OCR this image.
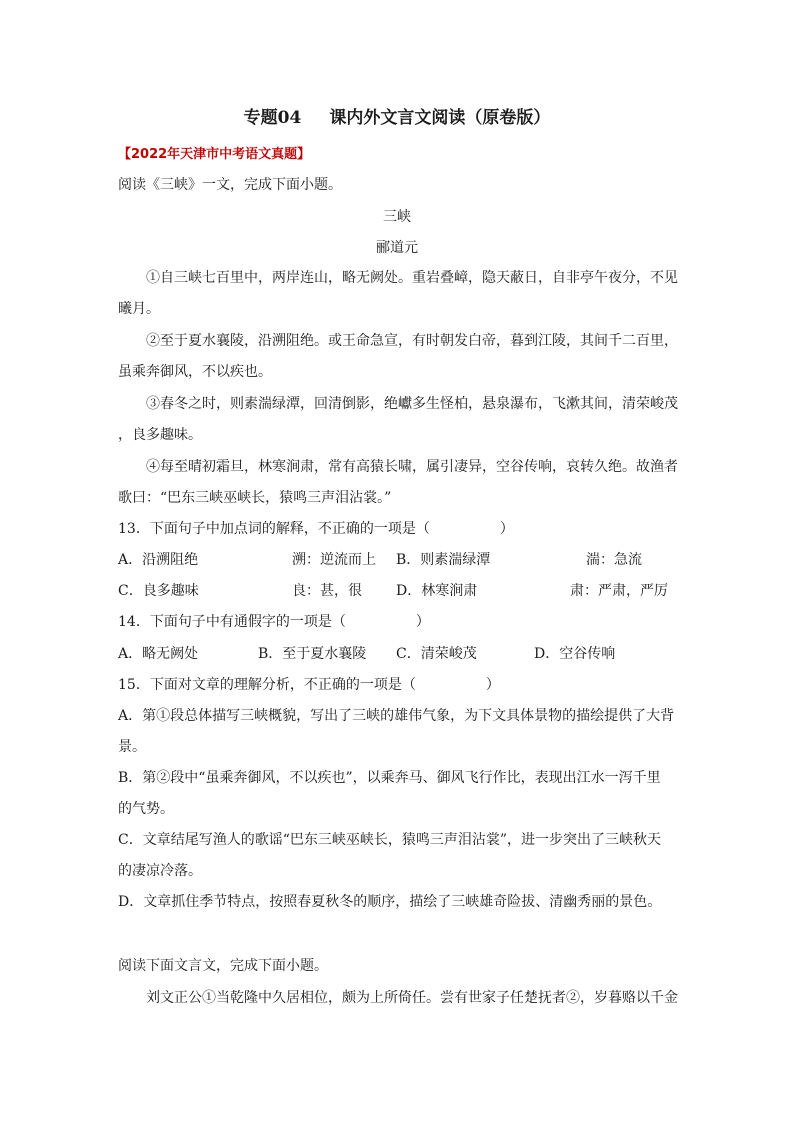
专题04 课内外文言文阅读（原卷版）
【2022年天津市中考语文真题】
阅读《三峡》一文，完成下面小题。
三峡
郦道元
①自三峡七百里中，两岸连山，略无阙处。重岩叠嶂，隐天蔽日，自非亭午夜分，不见
曦月。
②至于夏水襄陵，沿溯阻绝。或王命急宣，有时朝发白帝，暮到江陵，其间千二百里，
虽乘奔御风，不以疾也。
③春冬之时，则素湍绿潭，回清倒影，绝巘多生怪柏，悬泉瀑布，飞漱其间，清荣峻茂
，良多趣味。
④每至晴初霜旦，林寒涧肃，常有高猿长啸，属引凄异，空谷传响，哀转久绝。故渔者
歌曰：“巴东三峡巫峡长，猿鸣三声泪沾裳。”
13．下面句子中加点词的解释，不正确的一项是（　　　　　）
A．沿溯阻绝	溯：逆流而上 B．则素湍绿潭	湍：急流
C．良多趣味	良：甚，很 D．林寒涧肃	肃：严肃，严厉
14．下面句子中有通假字的一项是（　　　　　）
A．略无阙处	B．至于夏水襄陵 C．清荣峻茂	D．空谷传响
15．下面对文章的理解分析，不正确的一项是（　　　　　）
A．第①段总体描写三峡概貌，写出了三峡的雄伟气象，为下文具体景物的描绘提供了大背
景。
B．第②段中“虽乘奔御风，不以疾也”，以乘奔马、御风飞行作比，表现出江水一泻千里
的气势。
C．文章结尾写渔人的歌谣“巴东三峡巫峡长，猿鸣三声泪沾裳”，进一步突出了三峡秋天
的凄凉冷落。
D．文章抓住季节特点，按照春夏秋冬的顺序，描绘了三峡雄奇险拔、清幽秀丽的景色。
阅读下面文言文，完成下面小题。
刘文正公①当乾隆中久居相位，颇为上所倚任。尝有世家子任楚抚者②，岁暮赂以千金
